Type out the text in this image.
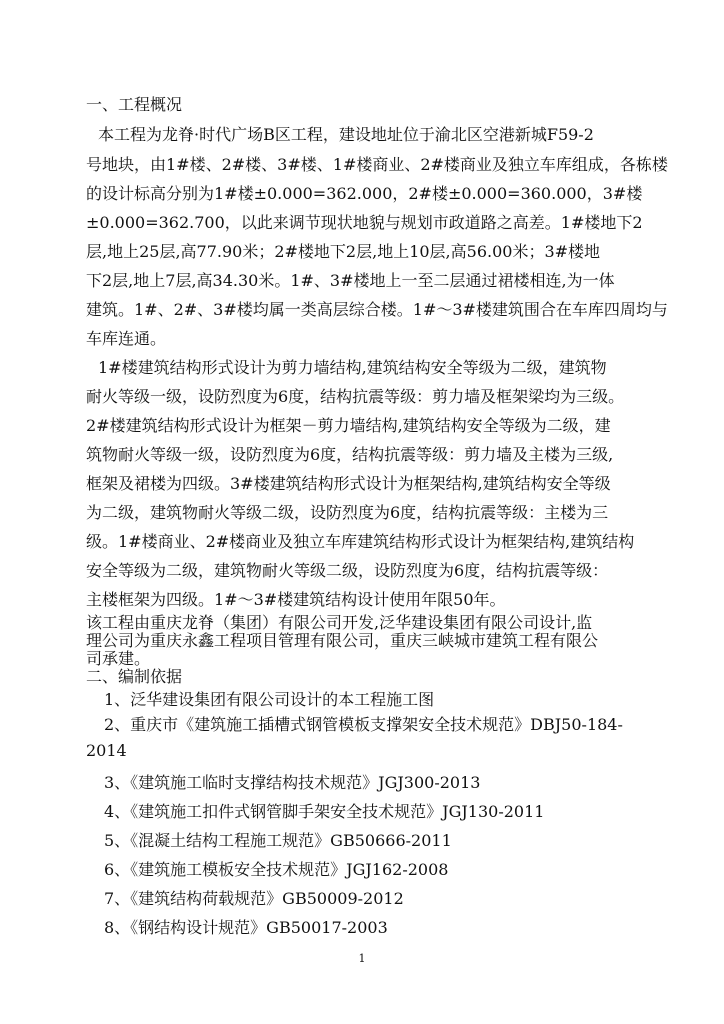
一、工程概况
本工程为龙脊·时代广场B区工程，建设地址位于渝北区空港新城F59-2
号地块，由1#楼、2#楼、3#楼、1#楼商业、2#楼商业及独立车库组成，各栋楼
的设计标高分别为1#楼±0.000=362.000，2#楼±0.000=360.000，3#楼
±0.000=362.700，以此来调节现状地貌与规划市政道路之高差。1#楼地下2
层,地上25层,高77.90米；2#楼地下2层,地上10层,高56.00米；3#楼地
下2层,地上7层,高34.30米。1#、3#楼地上一至二层通过裙楼相连,为一体
建筑。1#、2#、3#楼均属一类高层综合楼。1#～3#楼建筑围合在车库四周均与
车库连通。
1#楼建筑结构形式设计为剪力墙结构,建筑结构安全等级为二级，建筑物
耐火等级一级，设防烈度为6度，结构抗震等级：剪力墙及框架梁均为三级。
2#楼建筑结构形式设计为框架－剪力墙结构,建筑结构安全等级为二级，建
筑物耐火等级一级，设防烈度为6度，结构抗震等级：剪力墙及主楼为三级,
框架及裙楼为四级。3#楼建筑结构形式设计为框架结构,建筑结构安全等级
为二级，建筑物耐火等级二级，设防烈度为6度，结构抗震等级：主楼为三
级。1#楼商业、2#楼商业及独立车库建筑结构形式设计为框架结构,建筑结构
安全等级为二级，建筑物耐火等级二级，设防烈度为6度，结构抗震等级：
主楼框架为四级。1#～3#楼建筑结构设计使用年限50年。
该工程由重庆龙脊（集团）有限公司开发,泛华建设集团有限公司设计,监
理公司为重庆永鑫工程项目管理有限公司，重庆三峡城市建筑工程有限公
司承建。
二、编制依据
1、泛华建设集团有限公司设计的本工程施工图
2、重庆市《建筑施工插槽式钢管模板支撑架安全技术规范》DBJ50-184-
2014
3、《建筑施工临时支撑结构技术规范》JGJ300-2013
4、《建筑施工扣件式钢管脚手架安全技术规范》JGJ130-2011
5、《混凝土结构工程施工规范》GB50666-2011
6、《建筑施工模板安全技术规范》JGJ162-2008
7、《建筑结构荷载规范》GB50009-2012
8、《钢结构设计规范》GB50017-2003
1
